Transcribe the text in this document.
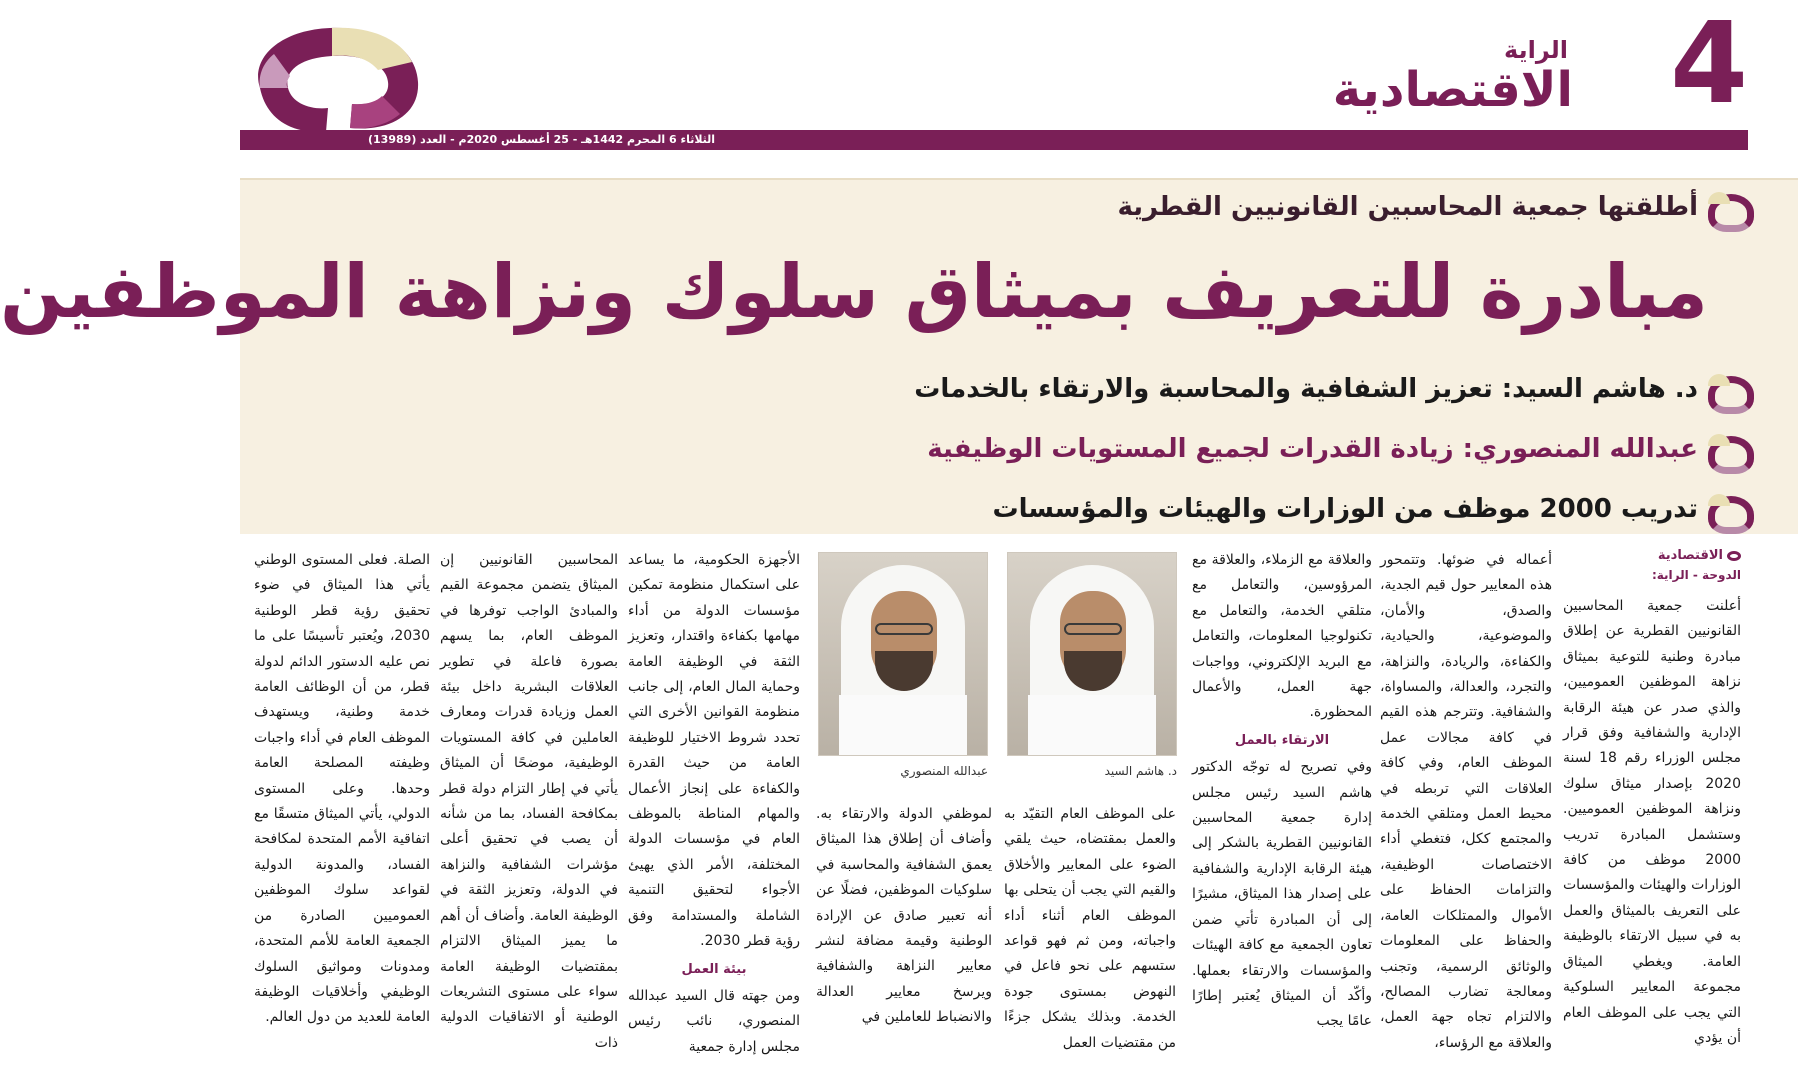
الراية
الاقتصادية 4
الثلاثاء 6 المحرم 1442هـ - 25 أغسطس 2020م - العدد (13989)
أطلقتها جمعية المحاسبين القانونيين القطرية
مبادرة للتعريف بميثاق سلوك ونزاهة الموظفين
د. هاشم السيد: تعزيز الشفافية والمحاسبة والارتقاء بالخدمات
عبدالله المنصوري: زيادة القدرات لجميع المستويات الوظيفية
تدريب 2000 موظف من الوزارات والهيئات والمؤسسات
الاقتصادية
الدوحة - الراية:

أعلنت جمعية المحاسبين القانونيين القطرية عن إطلاق مبادرة وطنية للتوعية بميثاق نزاهة الموظفين العموميين، والذي صدر عن هيئة الرقابة الإدارية والشفافية وفق قرار مجلس الوزراء رقم 18 لسنة 2020 بإصدار ميثاق سلوك ونزاهة الموظفين العموميين. وستشمل المبادرة تدريب 2000 موظف من كافة الوزارات والهيئات والمؤسسات على التعريف بالميثاق والعمل به في سبيل الارتقاء بالوظيفة العامة. ويغطي الميثاق مجموعة المعايير السلوكية التي يجب على الموظف العام أن يؤدي

أعماله في ضوئها. وتتمحور هذه المعايير حول قيم الجدية، والصدق، والأمان، والموضوعية، والحيادية، والكفاءة، والريادة، والنزاهة، والتجرد، والعدالة، والمساواة، والشفافية. وتترجم هذه القيم في كافة مجالات عمل الموظف العام، وفي كافة العلاقات التي تربطه في محيط العمل ومتلقي الخدمة والمجتمع ككل، فتغطي أداء الاختصاصات الوظيفية، والتزامات الحفاظ على الأموال والممتلكات العامة، والحفاظ على المعلومات والوثائق الرسمية، وتجنب ومعالجة تضارب المصالح، والالتزام تجاه جهة العمل، والعلاقة مع الرؤساء،

والعلاقة مع الزملاء، والعلاقة مع المرؤوسين، والتعامل مع متلقي الخدمة، والتعامل مع تكنولوجيا المعلومات، والتعامل مع البريد الإلكتروني، وواجبات جهة العمل، والأعمال المحظورة.

الارتقاء بالعمل

وفي تصريح له توجّه الدكتور هاشم السيد رئيس مجلس إدارة جمعية المحاسبين القانونيين القطرية بالشكر إلى هيئة الرقابة الإدارية والشفافية على إصدار هذا الميثاق، مشيرًا إلى أن المبادرة تأتي ضمن تعاون الجمعية مع كافة الهيئات والمؤسسات والارتقاء بعملها. وأكّد أن الميثاق يُعتبر إطارًا عامًا يجب

على الموظف العام التقيّد به والعمل بمقتضاه، حيث يلقي الضوء على المعايير والأخلاق والقيم التي يجب أن يتحلى بها الموظف العام أثناء أداء واجباته، ومن ثم فهو قواعد ستسهم على نحو فاعل في النهوض بمستوى جودة الخدمة. وبذلك يشكل جزءًا من مقتضيات العمل

لموظفي الدولة والارتقاء به. وأضاف أن إطلاق هذا الميثاق يعمق الشفافية والمحاسبة في سلوكيات الموظفين، فضلًا عن أنه تعبير صادق عن الإرادة الوطنية وقيمة مضافة لنشر معايير النزاهة والشفافية ويرسخ معايير العدالة والانضباط للعاملين في

الأجهزة الحكومية، ما يساعد على استكمال منظومة تمكين مؤسسات الدولة من أداء مهامها بكفاءة واقتدار، وتعزيز الثقة في الوظيفة العامة وحماية المال العام، إلى جانب منظومة القوانين الأخرى التي تحدد شروط الاختيار للوظيفة العامة من حيث القدرة والكفاءة على إنجاز الأعمال والمهام المناطة بالموظف العام في مؤسسات الدولة المختلفة، الأمر الذي يهيئ الأجواء لتحقيق التنمية الشاملة والمستدامة وفق رؤية قطر 2030.

بيئة العمل

ومن جهته قال السيد عبدالله المنصوري، نائب رئيس مجلس إدارة جمعية

المحاسبين القانونيين إن الميثاق يتضمن مجموعة القيم والمبادئ الواجب توفرها في الموظف العام، بما يسهم بصورة فاعلة في تطوير العلاقات البشرية داخل بيئة العمل وزيادة قدرات ومعارف العاملين في كافة المستويات الوظيفية، موضحًا أن الميثاق يأتي في إطار التزام دولة قطر بمكافحة الفساد، بما من شأنه أن يصب في تحقيق أعلى مؤشرات الشفافية والنزاهة في الدولة، وتعزيز الثقة في الوظيفة العامة. وأضاف أن أهم ما يميز الميثاق الالتزام بمقتضيات الوظيفة العامة سواء على مستوى التشريعات الوطنية أو الاتفاقيات الدولية ذات

الصلة. فعلى المستوى الوطني يأتي هذا الميثاق في ضوء تحقيق رؤية قطر الوطنية 2030، ويُعتبر تأسيسًا على ما نص عليه الدستور الدائم لدولة قطر، من أن الوظائف العامة خدمة وطنية، ويستهدف الموظف العام في أداء واجبات وظيفته المصلحة العامة وحدها. وعلى المستوى الدولي، يأتي الميثاق متسقًا مع اتفاقية الأمم المتحدة لمكافحة الفساد، والمدونة الدولية لقواعد سلوك الموظفين العموميين الصادرة من الجمعية العامة للأمم المتحدة، ومدونات ومواثيق السلوك الوظيفي وأخلاقيات الوظيفة العامة للعديد من دول العالم.

د. هاشم السيد
عبدالله المنصوري
